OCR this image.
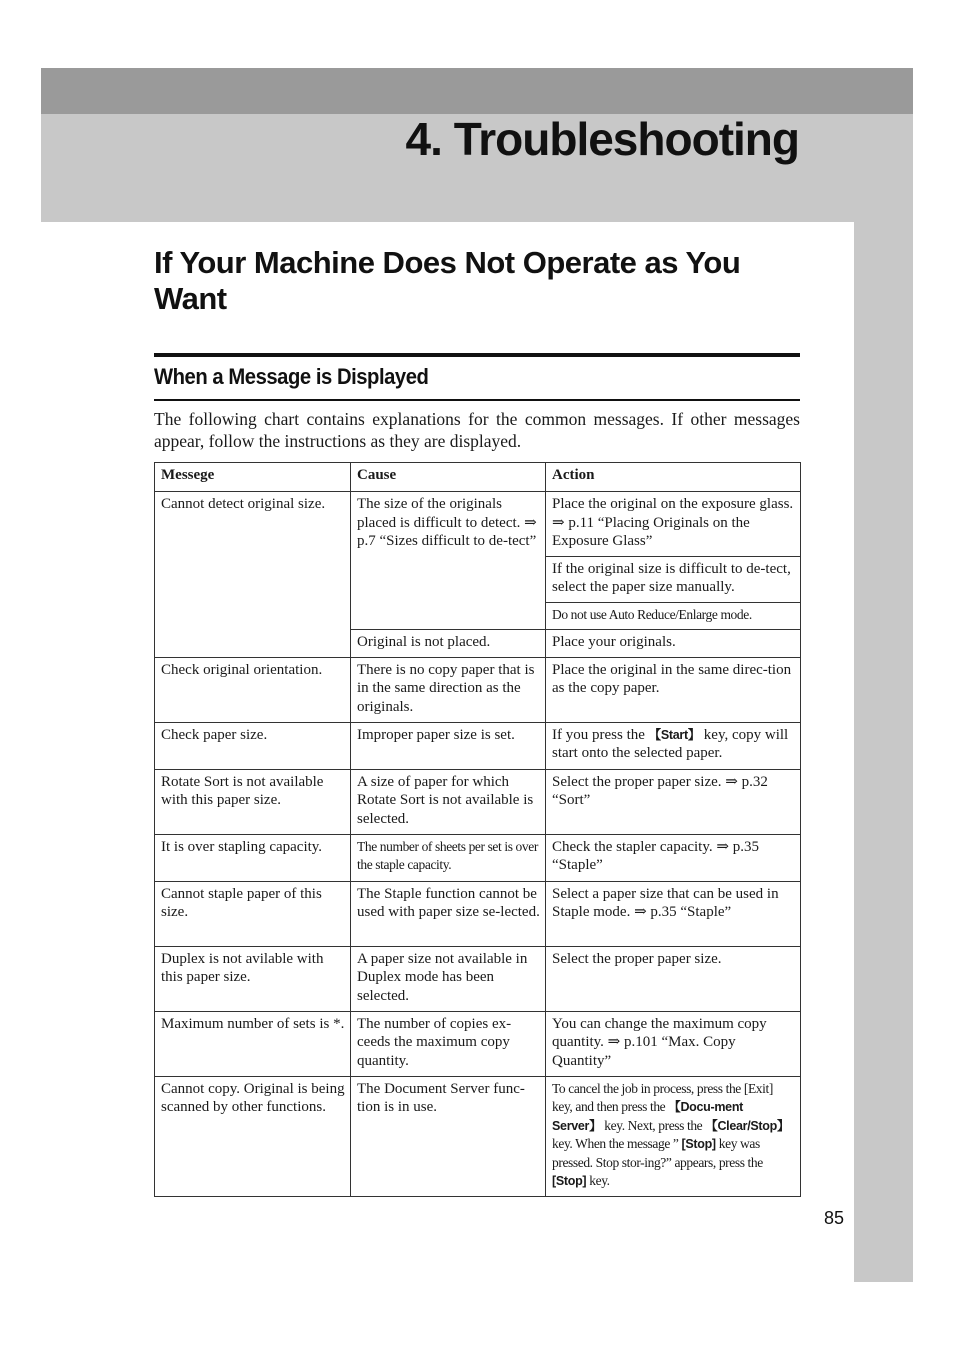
4. Troubleshooting
If Your Machine Does Not Operate as You Want
When a Message is Displayed

The following chart contains explanations for the common messages. If other messages appear, follow the instructions as they are displayed.

Messege	Cause	Action
Cannot detect original size.	The size of the originals placed is difficult to detect. ⇒ p.7 “Sizes difficult to de-tect”	Place the original on the exposure glass. ⇒ p.11 “Placing Originals on the Exposure Glass”
		If the original size is difficult to de-tect, select the paper size manually.
		Do not use Auto Reduce/Enlarge mode.
	Original is not placed.	Place your originals.
Check original orientation.	There is no copy paper that is in the same direction as the originals.	Place the original in the same direc-tion as the copy paper.
Check paper size.	Improper paper size is set.	If you press the 【Start】 key, copy will start onto the selected paper.
Rotate Sort is not available with this paper size.	A size of paper for which Rotate Sort is not available is selected.	Select the proper paper size. ⇒ p.32 “Sort”
It is over stapling capacity.	The number of sheets per set is over the staple capacity.	Check the stapler capacity. ⇒ p.35 “Staple”
Cannot staple paper of this size.	The Staple function cannot be used with paper size se-lected.	Select a paper size that can be used in Staple mode. ⇒ p.35 “Staple”
Duplex is not avilable with this paper size.	A paper size not available in Duplex mode has been selected.	Select the proper paper size.
Maximum number of sets is *.	The number of copies ex-ceeds the maximum copy quantity.	You can change the maximum copy quantity. ⇒ p.101 “Max. Copy Quantity”
Cannot copy. Original is being scanned by other functions.	The Document Server func-tion is in use.	To cancel the job in process, press the [Exit] key, and then press the 【Docu-ment Server】 key. Next, press the 【Clear/Stop】 key. When the message ” [Stop] key was pressed. Stop stor-ing?” appears, press the [Stop] key.
85
